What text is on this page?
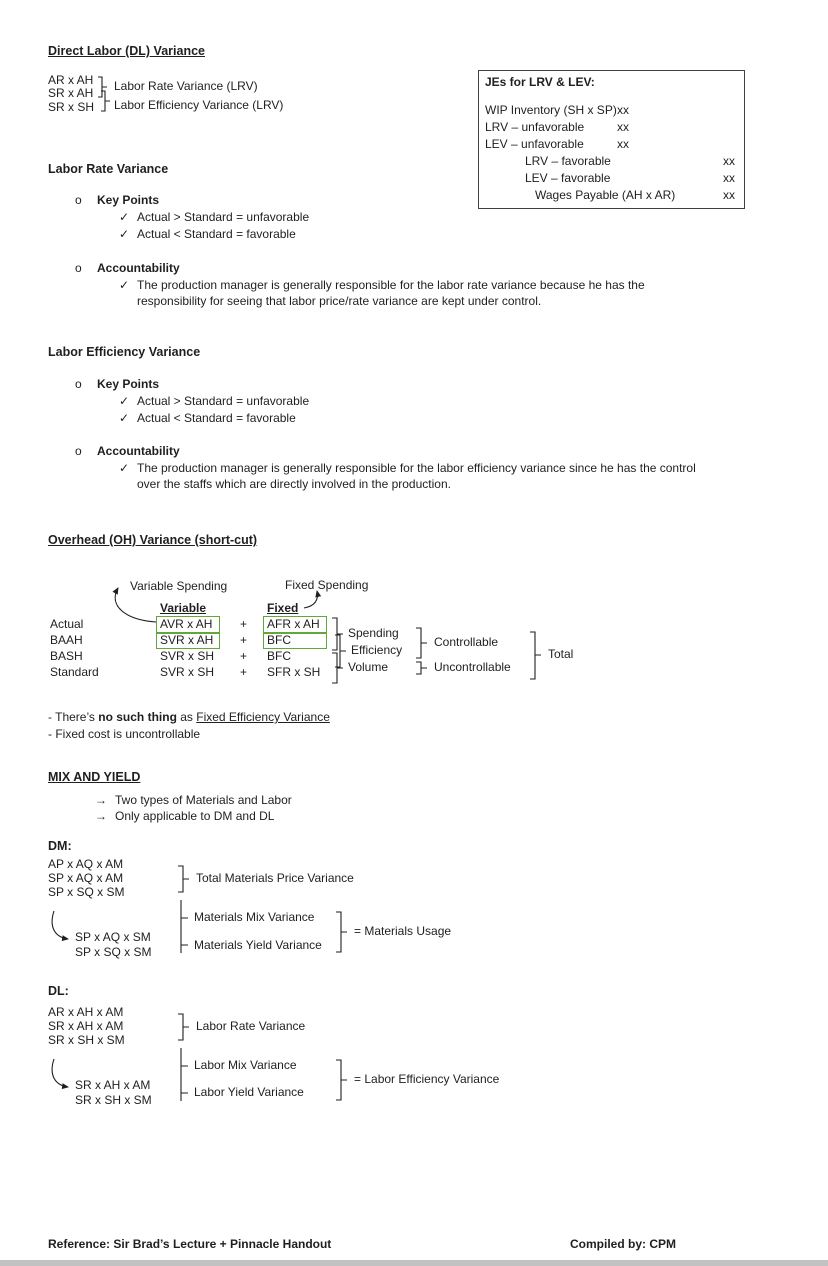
Direct Labor (DL) Variance
AR x AH
SR x AH
SR x SH
Labor Rate Variance (LRV)
Labor Efficiency Variance (LRV)
JEs for LRV & LEV:
WIP Inventory (SH x SP) xx
LRV – unfavorable	xx
LEV – unfavorable	xx
LRV – favorable	xx
LEV – favorable	xx
Wages Payable (AH x AR)	xx
Labor Rate Variance
o Key Points
✓ Actual > Standard = unfavorable
✓ Actual < Standard = favorable
o Accountability
✓ The production manager is generally responsible for the labor rate variance because he has the
responsibility for seeing that labor price/rate variance are kept under control.
Labor Efficiency Variance
o Key Points
✓ Actual > Standard = unfavorable
✓ Actual < Standard = favorable
o Accountability
✓ The production manager is generally responsible for the labor efficiency variance since he has the control
over the staffs which are directly involved in the production.
Overhead (OH) Variance (short-cut)
Variable Spending	Fixed Spending
Variable	Fixed
Actual	AVR x AH + AFR x AH
BAAH	SVR x AH + BFC
BASH	SVR x SH + BFC
Standard	SVR x SH + SFR x SH
Spending
Efficiency
Volume
Controllable
Uncontrollable
Total
- There’s no such thing as Fixed Efficiency Variance
- Fixed cost is uncontrollable
MIX AND YIELD
→ Two types of Materials and Labor
→ Only applicable to DM and DL
DM:
AP x AQ x AM
SP x AQ x AM
SP x SQ x SM
Total Materials Price Variance
Materials Mix Variance
SP x AQ x SM
SP x SQ x SM	Materials Yield Variance
= Materials Usage
DL:
AR x AH x AM
SR x AH x AM
SR x SH x SM
Labor Rate Variance
Labor Mix Variance
SR x AH x AM
SR x SH x SM
Labor Yield Variance
= Labor Efficiency Variance
Reference: Sir Brad’s Lecture + Pinnacle Handout	Compiled by: CPM
